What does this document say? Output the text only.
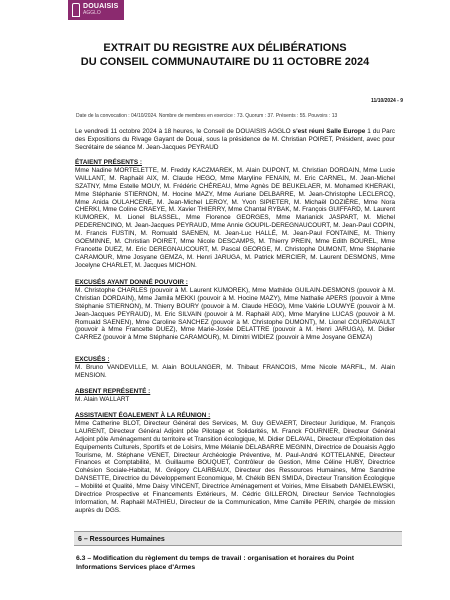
DOUAISIS
AGGLO
EXTRAIT DU REGISTRE AUX DÉLIBÉRATIONS
DU CONSEIL COMMUNAUTAIRE DU 11 OCTOBRE 2024
11/10/2024 - 9
Date de la convocation : 04/10/2024. Nombre de membres en exercice : 73. Quorum : 37. Présents : 55. Pouvoirs : 13
Le vendredi 11 octobre 2024 à 18 heures, le Conseil de DOUAISIS AGGLO s'est réuni Salle Europe 1 du Parc des Expositions du Rivage Gayant de Douai, sous la présidence de M. Christian POIRET, Président, avec pour Secrétaire de séance M. Jean-Jacques PEYRAUD
ÉTAIENT PRÉSENTS :
Mme Nadine MORTELETTE, M. Freddy KACZMAREK, M. Alain DUPONT, M. Christian DORDAIN, Mme Lucie VAILLANT, M. Raphaël AIX, M. Claude HEGO, Mme Maryline FENAIN, M. Eric CARNEL, M. Jean-Michel SZATNY, Mme Estelle MOUY, M. Frédéric CHÉREAU, Mme Agnès DE BEUKELAER, M. Mohamed KHERAKI, Mme Stéphanie STIERNON, M. Hocine MAZY, Mme Auriane DELBARRE, M. Jean-Christophe LECLERCQ, Mme Anida OULAHCENE, M. Jean-Michel LEROY, M. Yvon SIPIETER, M. Michaël DOZIÈRE, Mme Nora CHERKI, Mme Coline CRAEYE, M. Xavier THIERRY, Mme Chantal RYBAK, M. François GUIFFARD, M. Laurent KUMOREK, M. Lionel BLASSEL, Mme Florence GEORGES, Mme Marianick JASPART, M. Michel PEDERENCINO, M. Jean-Jacques PEYRAUD, Mme Annie GOUPIL-DEREGNAUCOURT, M. Jean-Paul COPIN, M. Francis FUSTIN, M. Romuald SAENEN, M. Jean-Luc HALLÉ, M. Jean-Paul FONTAINE, M. Thierry GOEMINNE, M. Christian POIRET, Mme Nicole DESCAMPS, M. Thierry PREIN, Mme Edith BOUREL, Mme Francette DUEZ, M. Eric DEREGNAUCOURT, M. Pascal GEORGE, M. Christophe DUMONT, Mme Stéphanie CARAMOUR, Mme Josyane GEMZA, M. Henri JARUGA, M. Patrick MERCIER, M. Laurent DESMONS, Mme Jocelyne CHARLET, M. Jacques MICHON.
EXCUSÉS AYANT DONNÉ POUVOIR :
M. Christophe CHARLES (pouvoir à M. Laurent KUMOREK), Mme Mathilde GUILAIN-DESMONS (pouvoir à M. Christian DORDAIN), Mme Jamila MEKKI (pouvoir à M. Hocine MAZY), Mme Nathalie APERS (pouvoir à Mme Stéphanie STIERNON), M. Thierry BOURY (pouvoir à M. Claude HEGO), Mme Valérie LOUWYE (pouvoir à M. Jean-Jacques PEYRAUD), M. Eric SILVAIN (pouvoir à M. Raphaël AIX), Mme Maryline LUCAS (pouvoir à M. Romuald SAENEN), Mme Caroline SANCHEZ (pouvoir à M. Christophe DUMONT), M. Lionel COURDAVAULT (pouvoir à Mme Francette DUEZ), Mme Marie-Josée DELATTRE (pouvoir à M. Henri JARUGA), M. Didier CARREZ (pouvoir à Mme Stéphanie CARAMOUR), M. Dimitri WIDIEZ (pouvoir à Mme Josyane GEMZA)
EXCUSÉS :
M. Bruno VANDEVILLE, M. Alain BOULANGER, M. Thibaut FRANCOIS, Mme Nicole MARFIL, M. Alain MENSION.
ABSENT REPRÉSENTÉ :
M. Alain WALLART
ASSISTAIENT ÉGALEMENT À LA RÉUNION :
Mme Catherine BLOT, Directeur Général des Services, M. Guy GEVAERT, Directeur Juridique, M. François LAURENT, Directeur Général Adjoint pôle Pilotage et Solidarités, M. Franck FOURNIER, Directeur Général Adjoint pôle Aménagement du territoire et Transition écologique, M. Didier DELAVAL, Directeur d'Exploitation des Equipements Culturels, Sportifs et de Loisirs, Mme Mélanie DELABARRE MEGNIN, Directrice de Douaisis Agglo Tourisme, M. Stéphane VENET, Directeur Archéologie Préventive, M. Paul-André KOTTELANNE, Directeur Finances et Comptabilité, M. Guillaume BOUQUET, Contrôleur de Gestion, Mme Céline HUBY, Directrice Cohésion Sociale-Habitat, M. Grégory CLAIRBAUX, Directeur des Ressources Humaines, Mme Sandrine DANSETTE, Directrice du Développement Economique, M. Chékib BEN SMIDA, Directeur Transition Écologique – Mobilité et Qualité, Mme Daisy VINCENT, Directrice Aménagement et Voiries, Mme Elisabeth DANIELEWSKI, Directrice Prospective et Financements Extérieurs, M. Cédric GILLERON, Directeur Service Technologies Information, M. Raphaël MATHIEU, Directeur de la Communication, Mme Camille PERIN, chargée de mission auprès du DGS.
6 – Ressources Humaines
6.3 – Modification du règlement du temps de travail : organisation et horaires du Point Informations Services place d'Armes
